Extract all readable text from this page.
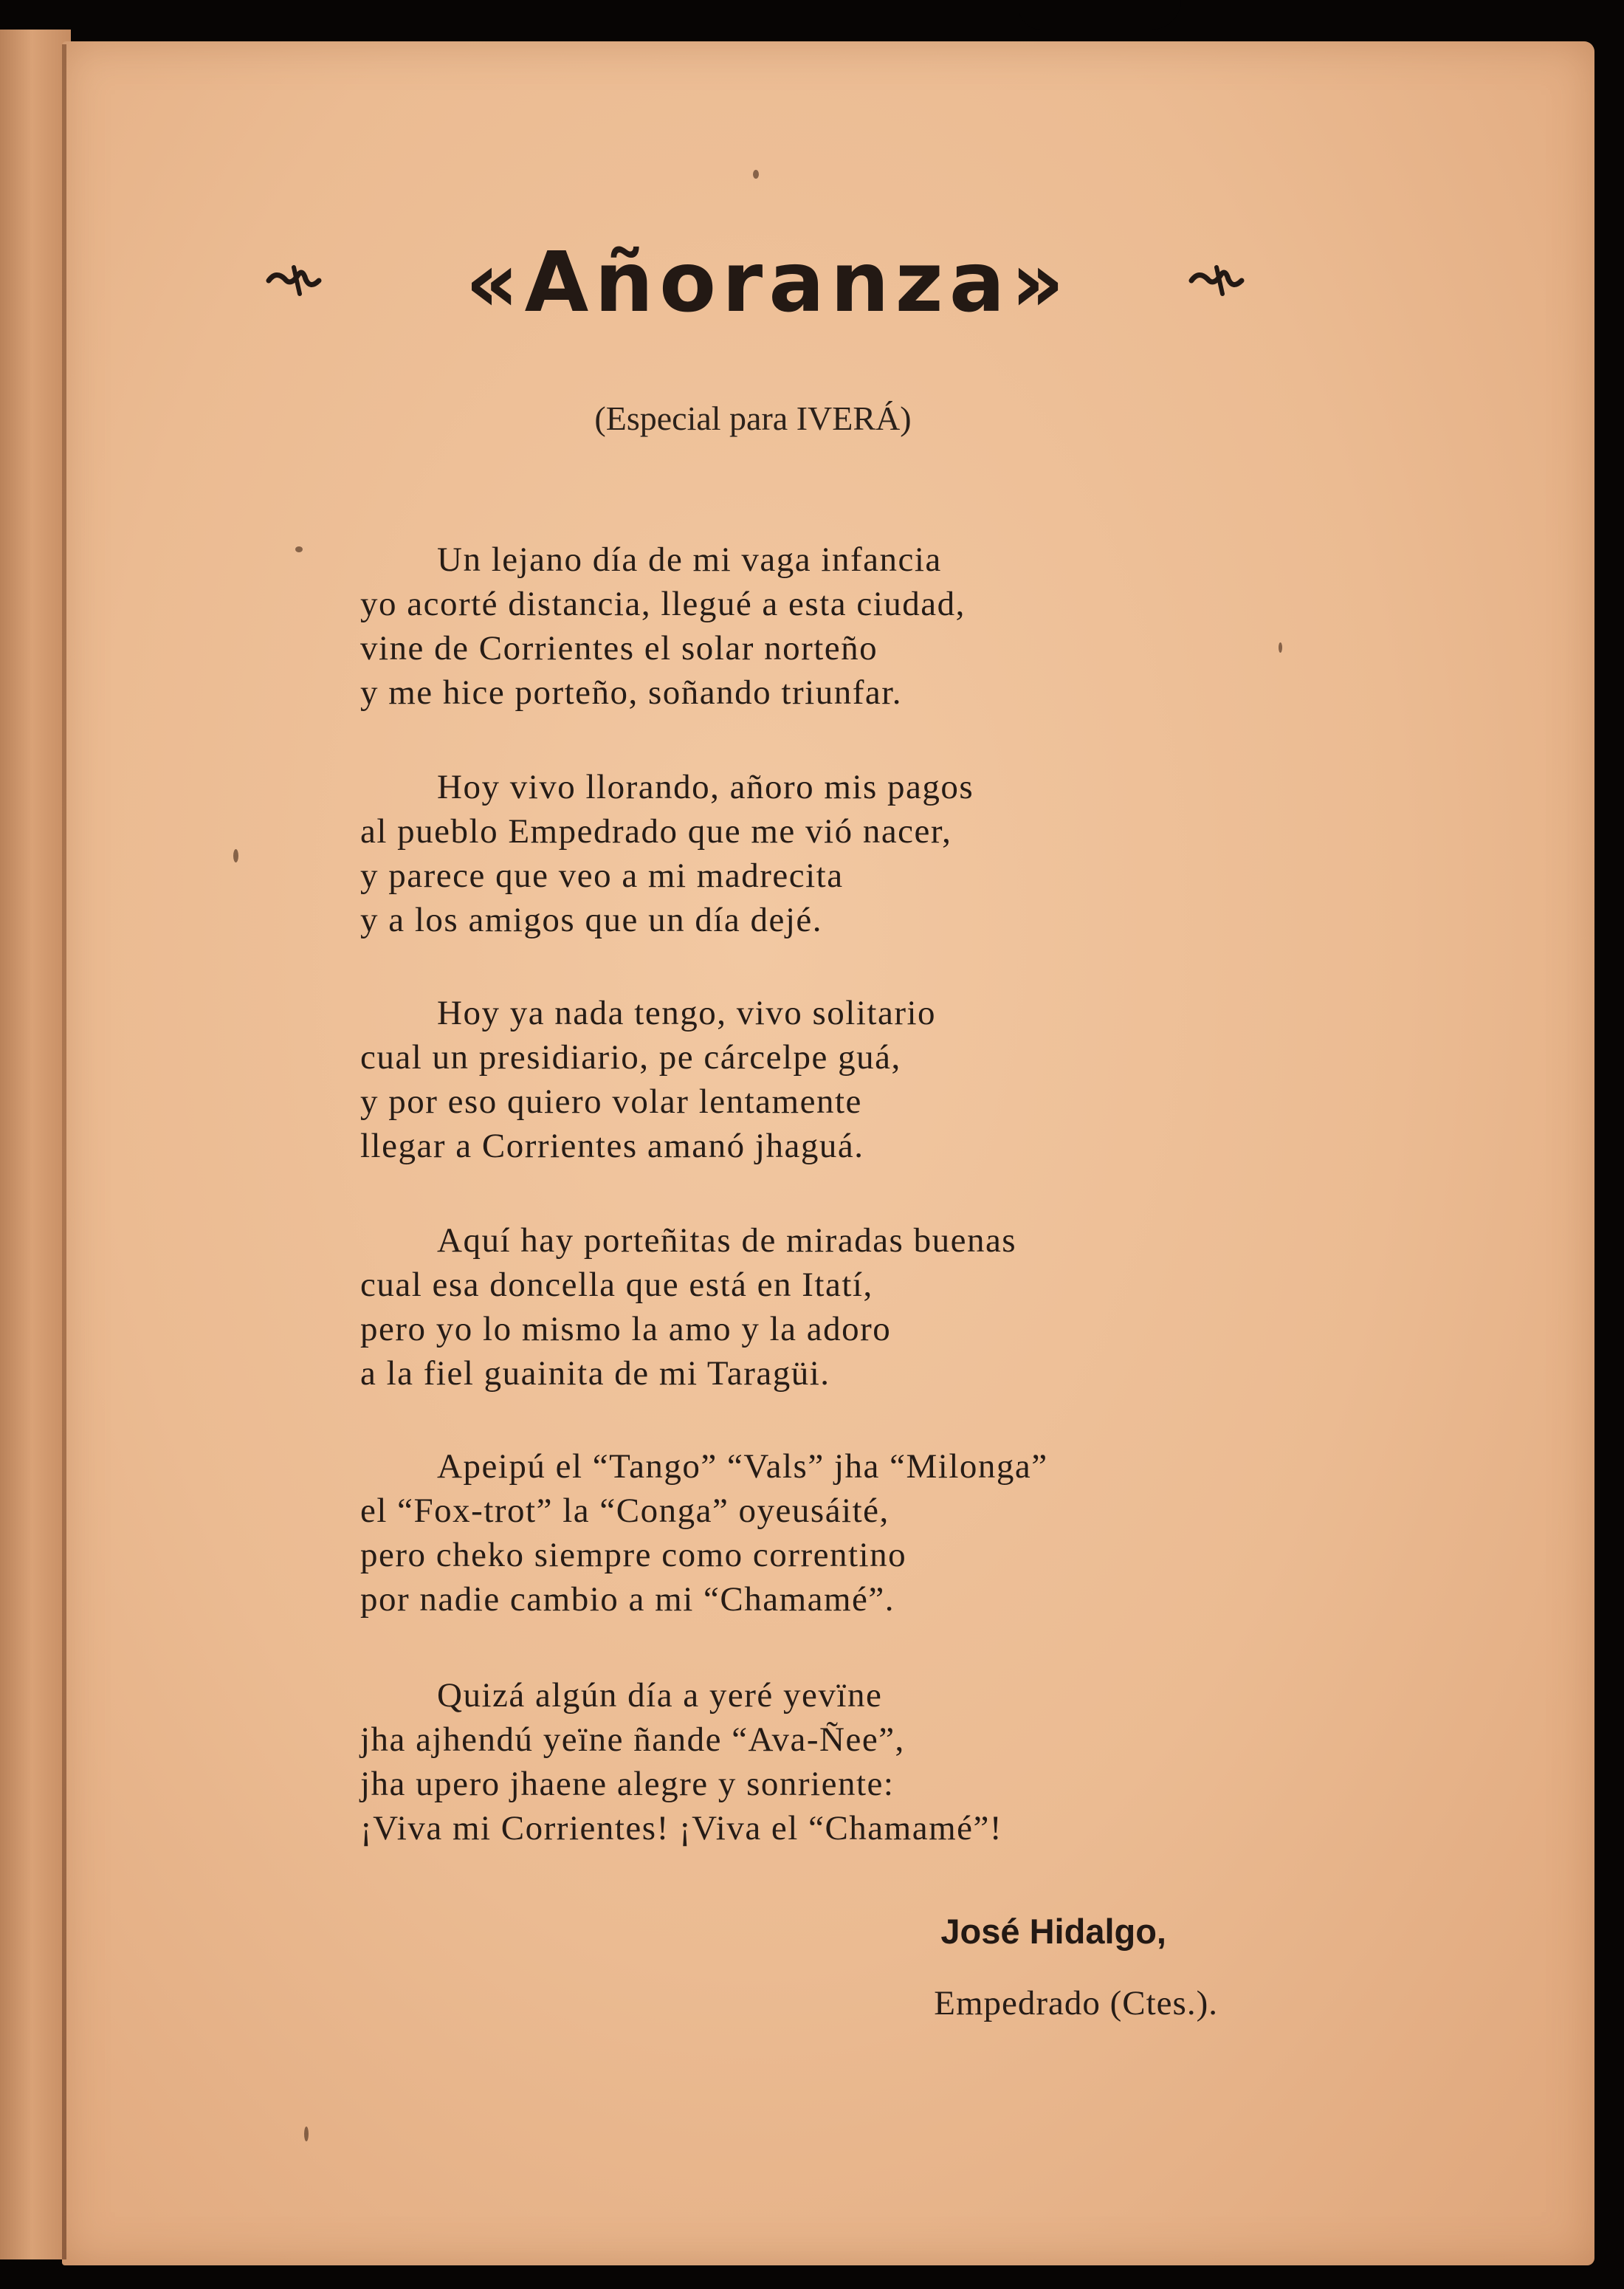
«Añoranza»
(Especial para IVERÁ)
Un lejano día de mi vaga infancia
yo acorté distancia, llegué a esta ciudad,
vine de Corrientes el solar norteño
y me hice porteño, soñando triunfar.
Hoy vivo llorando, añoro mis pagos
al pueblo Empedrado que me vió nacer,
y parece que veo a mi madrecita
y a los amigos que un día dejé.
Hoy ya nada tengo, vivo solitario
cual un presidiario, pe cárcelpe guá,
y por eso quiero volar lentamente
llegar a Corrientes amanó jhaguá.
Aquí hay porteñitas de miradas buenas
cual esa doncella que está en Itatí,
pero yo lo mismo la amo y la adoro
a la fiel guainita de mi Taragüi.
Apeipú el “Tango” “Vals” jha “Milonga”
el “Fox-trot” la “Conga” oyeusáité,
pero cheko siempre como correntino
por nadie cambio a mi “Chamamé”.
Quizá algún día a yeré yevïne
jha ajhendú yeïne ñande “Ava-Ñee”,
jha upero jhaene alegre y sonriente:
¡Viva mi Corrientes! ¡Viva el “Chamamé”!
José Hidalgo,
Empedrado (Ctes.).
